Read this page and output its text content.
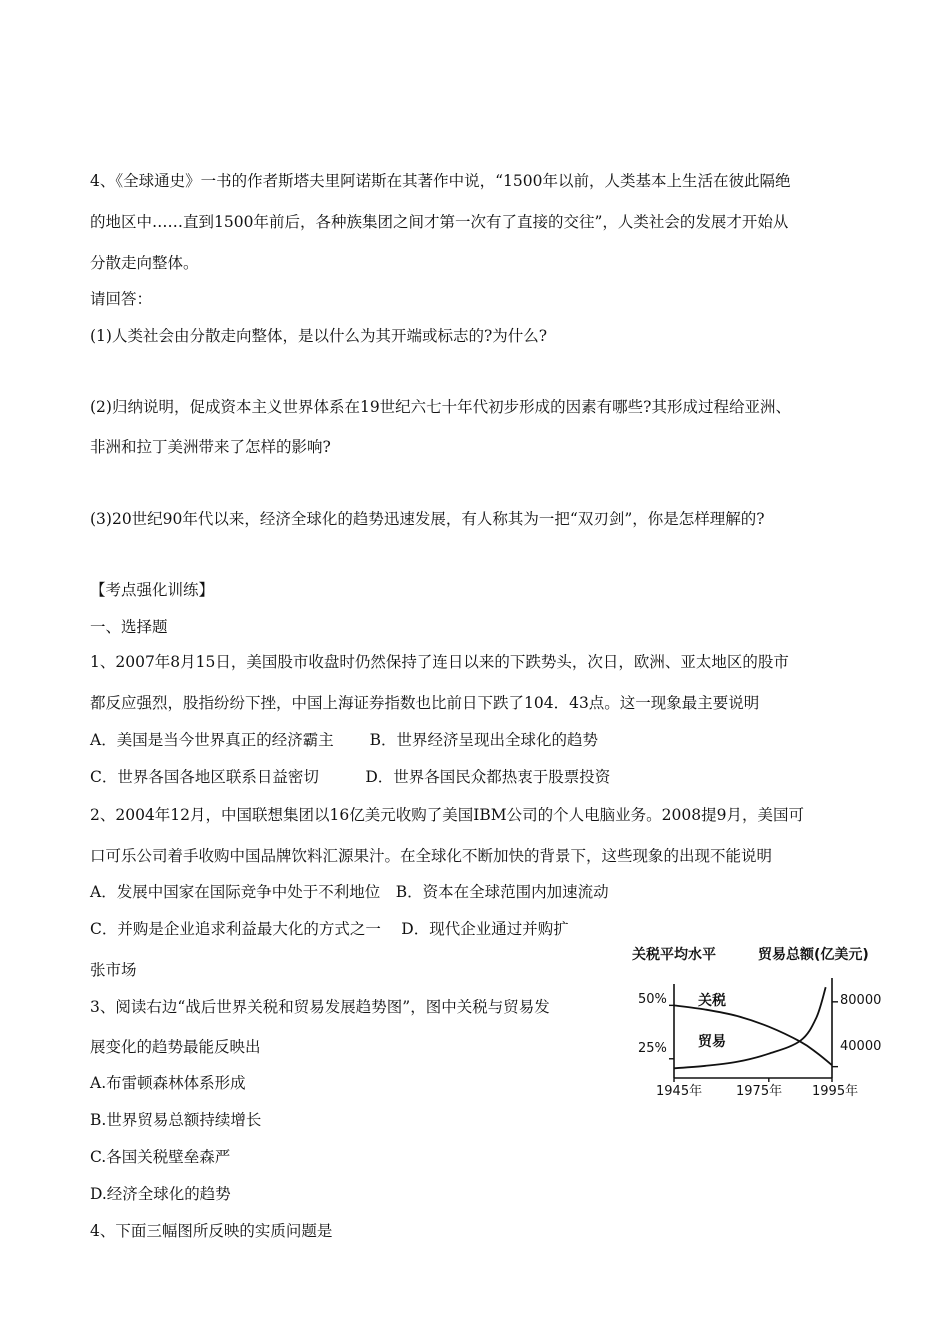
4、《全球通史》一书的作者斯塔夫里阿诺斯在其著作中说，“1500年以前，人类基本上生活在彼此隔绝
的地区中……直到1500年前后，各种族集团之间才第一次有了直接的交往”，人类社会的发展才开始从
分散走向整体。
请回答：
(1)人类社会由分散走向整体，是以什么为其开端或标志的?为什么?
(2)归纳说明，促成资本主义世界体系在19世纪六七十年代初步形成的因素有哪些?其形成过程给亚洲、
非洲和拉丁美洲带来了怎样的影响?
(3)20世纪90年代以来，经济全球化的趋势迅速发展，有人称其为一把“双刃剑”，你是怎样理解的?
【考点强化训练】
一、选择题
1、2007年8月15日，美国股市收盘时仍然保持了连日以来的下跌势头，次日，欧洲、亚太地区的股市
都反应强烈，股指纷纷下挫，中国上海证券指数也比前日下跌了104．43点。这一现象最主要说明
A．美国是当今世界真正的经济霸主　　 B．世界经济呈现出全球化的趋势
C．世界各国各地区联系日益密切　　　D．世界各国民众都热衷于股票投资
2、2004年12月，中国联想集团以16亿美元收购了美国IBM公司的个人电脑业务。2008提9月，美国可
口可乐公司着手收购中国品牌饮料汇源果汁。在全球化不断加快的背景下，这些现象的出现不能说明
A．发展中国家在国际竞争中处于不利地位　B．资本在全球范围内加速流动
C．并购是企业追求利益最大化的方式之一　 D．现代企业通过并购扩
张市场
3、阅读右边“战后世界关税和贸易发展趋势图”，图中关税与贸易发
展变化的趋势最能反映出
A.布雷顿森林体系形成
B.世界贸易总额持续增长
C.各国关税壁垒森严
D.经济全球化的趋势
4、下面三幅图所反映的实质问题是
关税平均水平	贸易总额(亿美元)
关税
贸易
50%
25%
80000
40000
1945年	1975年 1995年
